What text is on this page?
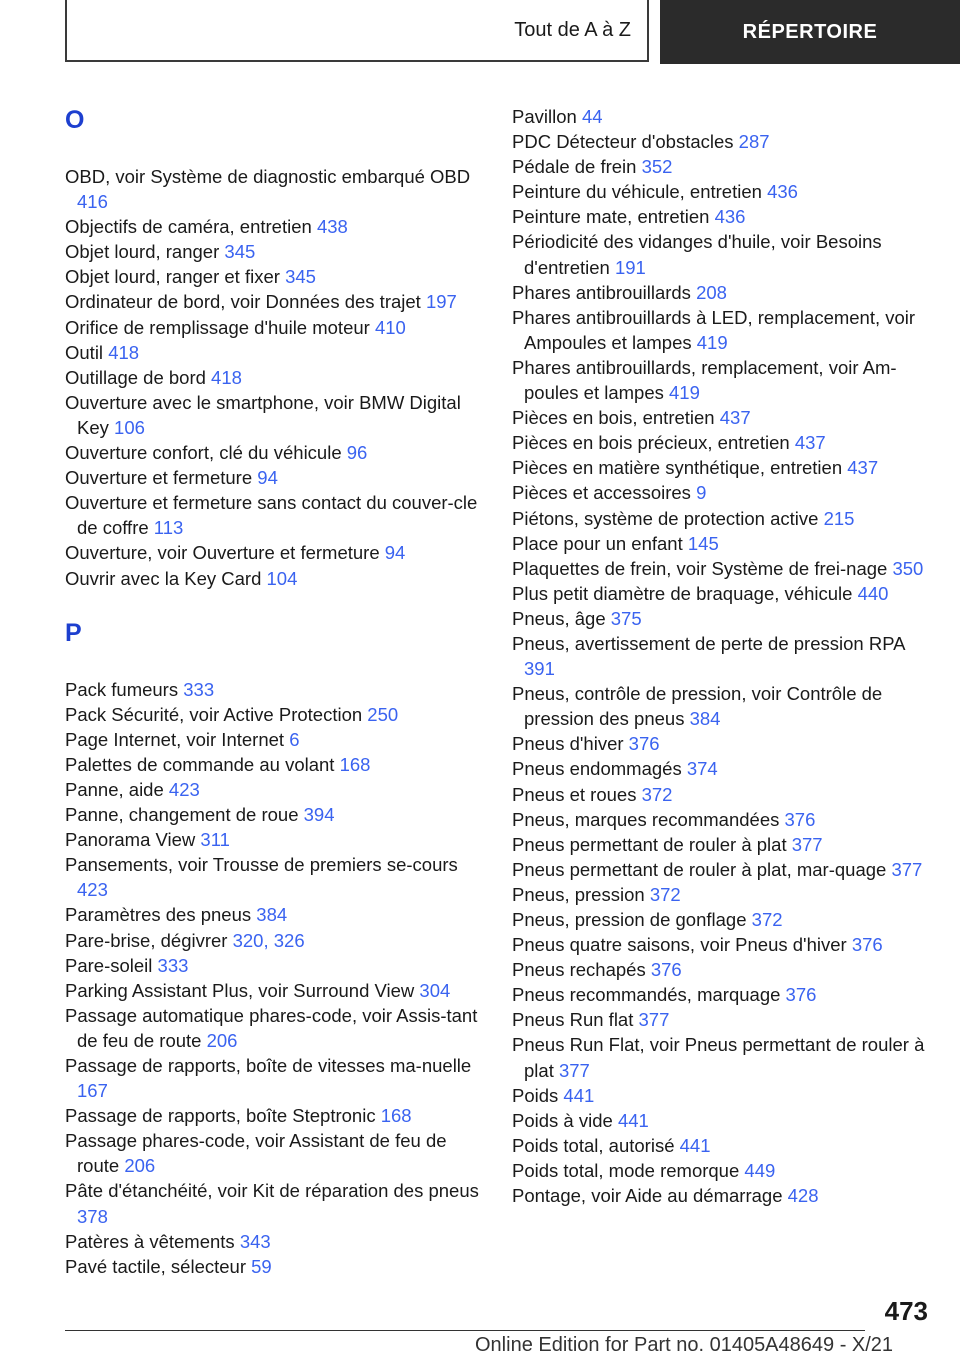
Tout de A à Z	RÉPERTOIRE
O
OBD, voir Système de diagnostic embarqué OBD 416
Objectifs de caméra, entretien 438
Objet lourd, ranger 345
Objet lourd, ranger et fixer 345
Ordinateur de bord, voir Données des trajet 197
Orifice de remplissage d'huile moteur 410
Outil 418
Outillage de bord 418
Ouverture avec le smartphone, voir BMW Digital Key 106
Ouverture confort, clé du véhicule 96
Ouverture et fermeture 94
Ouverture et fermeture sans contact du couver-cle de coffre 113
Ouverture, voir Ouverture et fermeture 94
Ouvrir avec la Key Card 104
P
Pack fumeurs 333
Pack Sécurité, voir Active Protection 250
Page Internet, voir Internet 6
Palettes de commande au volant 168
Panne, aide 423
Panne, changement de roue 394
Panorama View 311
Pansements, voir Trousse de premiers se-cours 423
Paramètres des pneus 384
Pare-brise, dégivrer 320, 326
Pare-soleil 333
Parking Assistant Plus, voir Surround View 304
Passage automatique phares-code, voir Assis-tant de feu de route 206
Passage de rapports, boîte de vitesses ma-nuelle 167
Passage de rapports, boîte Steptronic 168
Passage phares-code, voir Assistant de feu de route 206
Pâte d'étanchéité, voir Kit de réparation des pneus 378
Patères à vêtements 343
Pavé tactile, sélecteur 59
Pavillon 44
PDC Détecteur d'obstacles 287
Pédale de frein 352
Peinture du véhicule, entretien 436
Peinture mate, entretien 436
Périodicité des vidanges d'huile, voir Besoins d'entretien 191
Phares antibrouillards 208
Phares antibrouillards à LED, remplacement, voir Ampoules et lampes 419
Phares antibrouillards, remplacement, voir Am-poules et lampes 419
Pièces en bois, entretien 437
Pièces en bois précieux, entretien 437
Pièces en matière synthétique, entretien 437
Pièces et accessoires 9
Piétons, système de protection active 215
Place pour un enfant 145
Plaquettes de frein, voir Système de frei-nage 350
Plus petit diamètre de braquage, véhicule 440
Pneus, âge 375
Pneus, avertissement de perte de pression RPA 391
Pneus, contrôle de pression, voir Contrôle de pression des pneus 384
Pneus d'hiver 376
Pneus endommagés 374
Pneus et roues 372
Pneus, marques recommandées 376
Pneus permettant de rouler à plat 377
Pneus permettant de rouler à plat, mar-quage 377
Pneus, pression 372
Pneus, pression de gonflage 372
Pneus quatre saisons, voir Pneus d'hiver 376
Pneus rechapés 376
Pneus recommandés, marquage 376
Pneus Run flat 377
Pneus Run Flat, voir Pneus permettant de rouler à plat 377
Poids 441
Poids à vide 441
Poids total, autorisé 441
Poids total, mode remorque 449
Pontage, voir Aide au démarrage 428
473
Online Edition for Part no. 01405A48649 - X/21
